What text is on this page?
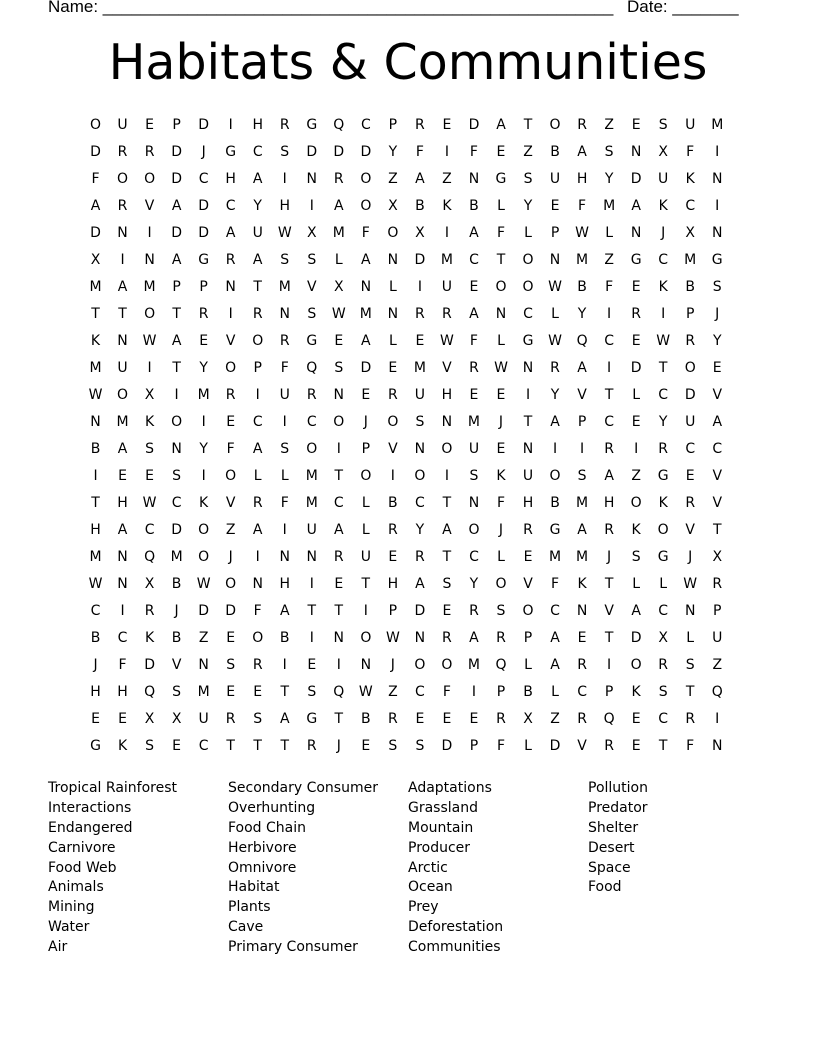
Name: ______________________________________________________

Date: _______

Habitats & Communities
O	U	E	P	D	I	H	R	G	Q	C	P	R	E	D	A	T	O	R	Z	E	S	U	M
D	R	R	D	J	G	C	S	D	D	D	Y	F	I	F	E	Z	B	A	S	N	X	F	I
F	O	O	D	C	H	A	I	N	R	O	Z	A	Z	N	G	S	U	H	Y	D	U	K	N
A	R	V	A	D	C	Y	H	I	A	O	X	B	K	B	L	Y	E	F	M	A	K	C	I
D	N	I	D	D	A	U	W	X	M	F	O	X	I	A	F	L	P	W	L	N	J	X	N
X	I	N	A	G	R	A	S	S	L	A	N	D	M	C	T	O	N	M	Z	G	C	M	G
M	A	M	P	P	N	T	M	V	X	N	L	I	U	E	O	O	W	B	F	E	K	B	S
T	T	O	T	R	I	R	N	S	W	M	N	R	R	A	N	C	L	Y	I	R	I	P	J
K	N	W	A	E	V	O	R	G	E	A	L	E	W	F	L	G	W	Q	C	E	W	R	Y
M	U	I	T	Y	O	P	F	Q	S	D	E	M	V	R	W	N	R	A	I	D	T	O	E
W	O	X	I	M	R	I	U	R	N	E	R	U	H	E	E	I	Y	V	T	L	C	D	V
N	M	K	O	I	E	C	I	C	O	J	O	S	N	M	J	T	A	P	C	E	Y	U	A
B	A	S	N	Y	F	A	S	O	I	P	V	N	O	U	E	N	I	I	R	I	R	C	C
I	E	E	S	I	O	L	L	M	T	O	I	O	I	S	K	U	O	S	A	Z	G	E	V
T	H	W	C	K	V	R	F	M	C	L	B	C	T	N	F	H	B	M	H	O	K	R	V
H	A	C	D	O	Z	A	I	U	A	L	R	Y	A	O	J	R	G	A	R	K	O	V	T
M	N	Q	M	O	J	I	N	N	R	U	E	R	T	C	L	E	M	M	J	S	G	J	X
W	N	X	B	W	O	N	H	I	E	T	H	A	S	Y	O	V	F	K	T	L	L	W	R
C	I	R	J	D	D	F	A	T	T	I	P	D	E	R	S	O	C	N	V	A	C	N	P
B	C	K	B	Z	E	O	B	I	N	O	W	N	R	A	R	P	A	E	T	D	X	L	U
J	F	D	V	N	S	R	I	E	I	N	J	O	O	M	Q	L	A	R	I	O	R	S	Z
H	H	Q	S	M	E	E	T	S	Q	W	Z	C	F	I	P	B	L	C	P	K	S	T	Q
E	E	X	X	U	R	S	A	G	T	B	R	E	E	E	R	X	Z	R	Q	E	C	R	I
G	K	S	E	C	T	T	T	R	J	E	S	S	D	P	F	L	D	V	R	E	T	F	N
Tropical Rainforest
Interactions
Endangered
Carnivore
Food Web
Animals
Mining
Water
Air
Secondary Consumer
Overhunting
Food Chain
Herbivore
Omnivore
Habitat
Plants
Cave
Primary Consumer
Adaptations
Grassland
Mountain
Producer
Arctic
Ocean
Prey
Deforestation
Communities
Pollution
Predator
Shelter
Desert
Space
Food
